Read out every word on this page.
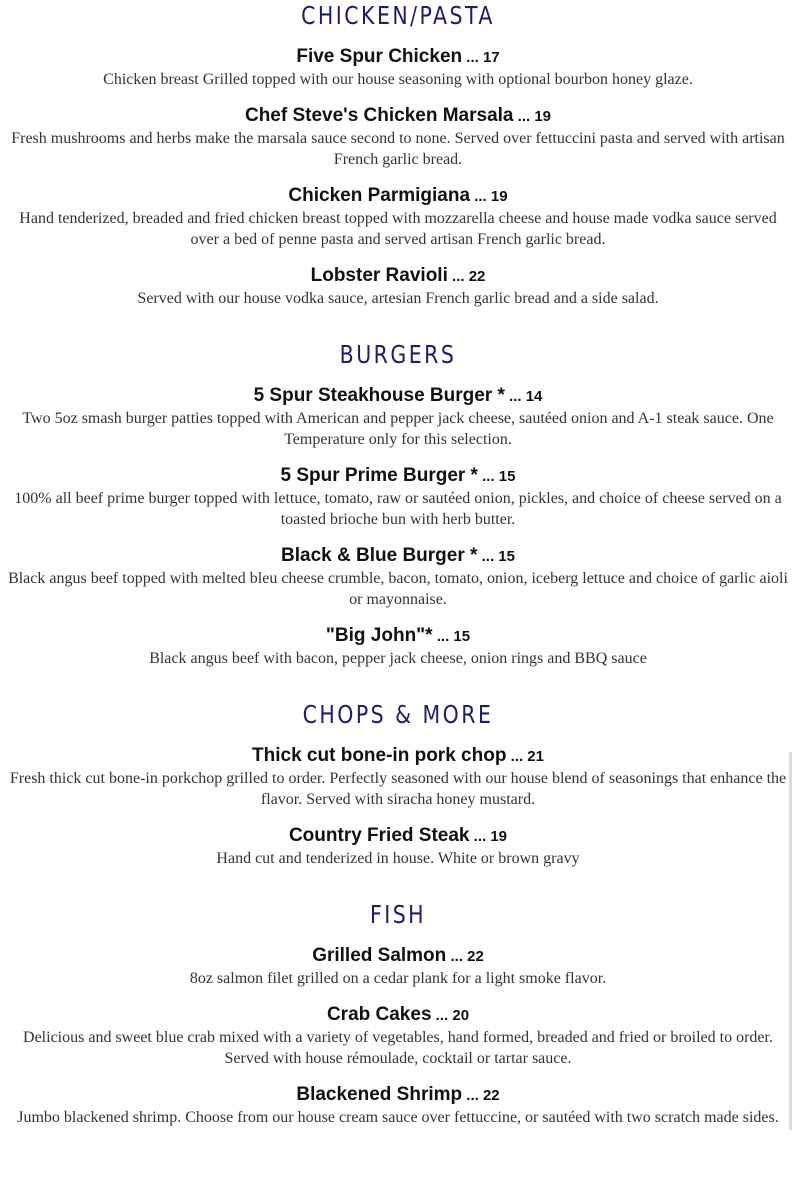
CHICKEN/PASTA
Five Spur Chicken ... 17
Chicken breast Grilled topped with our house seasoning with optional bourbon honey glaze.
Chef Steve's Chicken Marsala ... 19
Fresh mushrooms and herbs make the marsala sauce second to none. Served over fettuccini pasta and served with artisan French garlic bread.
Chicken Parmigiana ... 19
Hand tenderized, breaded and fried chicken breast topped with mozzarella cheese and house made vodka sauce served over a bed of penne pasta and served artisan French garlic bread.
Lobster Ravioli ... 22
Served with our house vodka sauce, artesian French garlic bread and a side salad.
BURGERS
5 Spur Steakhouse Burger * ... 14
Two 5oz smash burger patties topped with American and pepper jack cheese, sautéed onion and A-1 steak sauce. One Temperature only for this selection.
5 Spur Prime Burger * ... 15
100% all beef prime burger topped with lettuce, tomato, raw or sautéed onion, pickles, and choice of cheese served on a toasted brioche bun with herb butter.
Black & Blue Burger * ... 15
Black angus beef topped with melted bleu cheese crumble, bacon, tomato, onion, iceberg lettuce and choice of garlic aioli or mayonnaise.
"Big John"* ... 15
Black angus beef with bacon, pepper jack cheese, onion rings and BBQ sauce
CHOPS & MORE
Thick cut bone-in pork chop ... 21
Fresh thick cut bone-in porkchop grilled to order. Perfectly seasoned with our house blend of seasonings that enhance the flavor. Served with siracha honey mustard.
Country Fried Steak ... 19
Hand cut and tenderized in house. White or brown gravy
FISH
Grilled Salmon ... 22
8oz salmon filet grilled on a cedar plank for a light smoke flavor.
Crab Cakes ... 20
Delicious and sweet blue crab mixed with a variety of vegetables, hand formed, breaded and fried or broiled to order. Served with house rémoulade, cocktail or tartar sauce.
Blackened Shrimp ... 22
Jumbo blackened shrimp. Choose from our house cream sauce over fettuccine, or sautéed with two scratch made sides.
